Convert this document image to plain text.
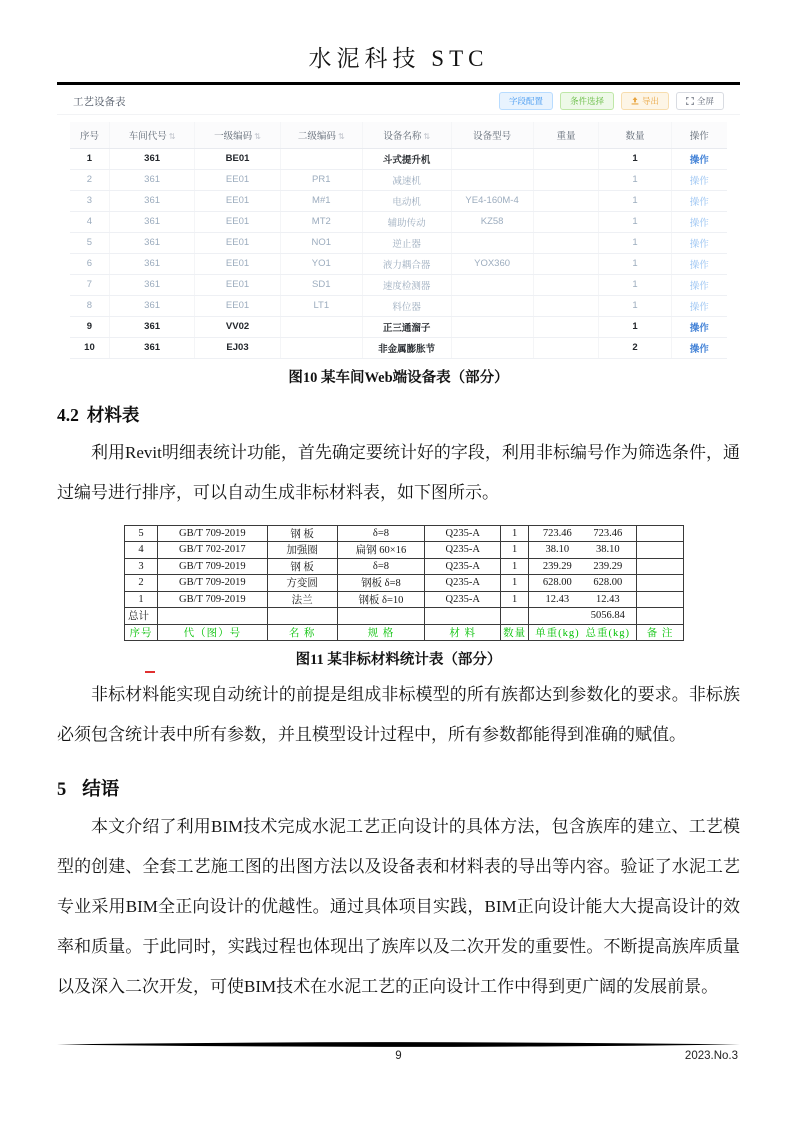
水泥科技 STC
工艺设备表	字段配置	条件选择	导出	全屏
序号	车间代号 ⇅	一级编码 ⇅	二级编码 ⇅	设备名称 ⇅	设备型号	重量	数量	操作
1	361	BE01		斗式提升机			1	操作
2	361	EE01	PR1	减速机			1	操作
3	361	EE01	M#1	电动机	YE4-160M-4		1	操作
4	361	EE01	MT2	辅助传动	KZ58		1	操作
5	361	EE01	NO1	逆止器			1	操作
6	361	EE01	YO1	液力耦合器	YOX360		1	操作
7	361	EE01	SD1	速度检测器			1	操作
8	361	EE01	LT1	料位器			1	操作
9	361	VV02		正三通溜子			1	操作
10	361	EJ03		非金属膨胀节			2	操作
图10 某车间Web端设备表（部分）
4.2 材料表

利用Revit明细表统计功能，首先确定要统计好的字段，利用非标编号作为筛选条件，通过编号进行排序，可以自动生成非标材料表，如下图所示。

5	GB/T 709-2019	钢 板	δ=8	Q235-A	1	723.46 723.46	
4	GB/T 702-2017	加强圈	扁钢 60×16	Q235-A	1	38.10 38.10	
3	GB/T 709-2019	钢 板	δ=8	Q235-A	1	239.29 239.29	
2	GB/T 709-2019	方变圆	钢板 δ=8	Q235-A	1	628.00 628.00	
1	GB/T 709-2019	法兰	钢板 δ=10	Q235-A	1	12.43 12.43	
总计						5056.84	
序号	代（图）号	名 称	规 格	材 料	数量	单重(kg) 总重(kg)	备 注
图11 某非标材料统计表（部分）

非标材料能实现自动统计的前提是组成非标模型的所有族都达到参数化的要求。非标族必须包含统计表中所有参数，并且模型设计过程中，所有参数都能得到准确的赋值。

5 结语

本文介绍了利用BIM技术完成水泥工艺正向设计的具体方法，包含族库的建立、工艺模型的创建、全套工艺施工图的出图方法以及设备表和材料表的导出等内容。验证了水泥工艺专业采用BIM全正向设计的优越性。通过具体项目实践，BIM正向设计能大大提高设计的效率和质量。于此同时，实践过程也体现出了族库以及二次开发的重要性。不断提高族库质量以及深入二次开发，可使BIM技术在水泥工艺的正向设计工作中得到更广阔的发展前景。

9	2023.No.3
